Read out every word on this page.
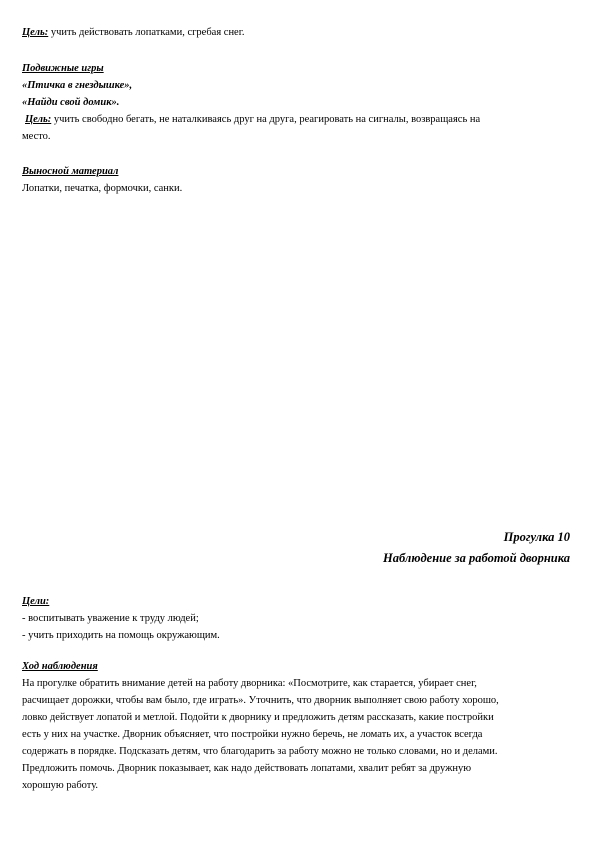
Цель: учить действовать лопатками, сгребая снег.
Подвижные игры
«Птичка в гнездышке»,
«Найди свой домик».
Цель: учить свободно бегать, не наталкиваясь друг на друга, реагировать на сигналы, возвращаясь на
место.
Выносной материал
Лопатки, печатка, формочки, санки.
Прогулка 10
Наблюдение за работой дворника
Цели:
- воспитывать уважение к труду людей;
- учить приходить на помощь окружающим.
Ход наблюдения
На прогулке обратить внимание детей на работу дворника: «Посмотрите, как старается, убирает снег,
расчищает дорожки, чтобы вам было, где играть». Уточнить, что дворник выполняет свою работу хорошо,
ловко действует лопатой и метлой. Подойти к дворнику и предложить детям рассказать, какие постройки
есть у них на участке. Дворник объясняет, что постройки нужно беречь, не ломать их, а участок всегда
содержать в порядке. Подсказать детям, что благодарить за работу можно не только словами, но и делами.
Предложить помочь. Дворник показывает, как надо действовать лопатами, хвалит ребят за дружную
хорошую работу.
